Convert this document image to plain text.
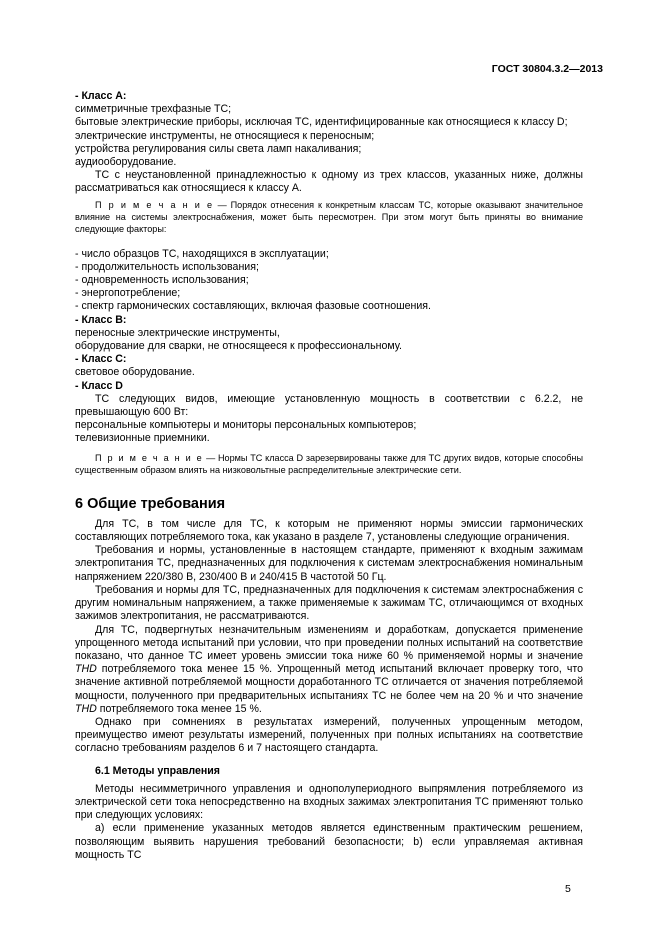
ГОСТ 30804.3.2—2013

- Класс А:

симметричные трехфазные ТС;

бытовые электрические приборы, исключая ТС, идентифицированные как относящиеся к классу D;

электрические инструменты, не относящиеся к переносным;

устройства регулирования силы света ламп накаливания;

аудиооборудование.

ТС с неустановленной принадлежностью к одному из трех классов, указанных ниже, должны рассматриваться как относящиеся к классу А.

П р и м е ч а н и е — Порядок отнесения к конкретным классам ТС, которые оказывают значительное влияние на системы электроснабжения, может быть пересмотрен. При этом могут быть приняты во внимание следующие факторы:

- число образцов ТС, находящихся в эксплуатации;

- продолжительность использования;

- одновременность использования;

- энергопотребление;

- спектр гармонических составляющих, включая фазовые соотношения.

- Класс В:

переносные электрические инструменты,

оборудование для сварки, не относящееся к профессиональному.

- Класс С:

световое оборудование.

- Класс D

ТС следующих видов, имеющие установленную мощность в соответствии с 6.2.2, не превышающую 600 Вт:

персональные компьютеры и мониторы персональных компьютеров;

телевизионные приемники.

П р и м е ч а н и е — Нормы ТС класса D зарезервированы также для ТС других видов, которые способны существенным образом влиять на низковольтные распределительные электрические сети.

6 Общие требования

Для ТС, в том числе для ТС, к которым не применяют нормы эмиссии гармонических составляющих потребляемого тока, как указано в разделе 7, установлены следующие ограничения.

Требования и нормы, установленные в настоящем стандарте, применяют к входным зажимам электропитания ТС, предназначенных для подключения к системам электроснабжения номинальным напряжением 220/380 В, 230/400 В и 240/415 В частотой 50 Гц.

Требования и нормы для ТС, предназначенных для подключения к системам электроснабжения с другим номинальным напряжением, а также применяемые к зажимам ТС, отличающимся от входных зажимов электропитания, не рассматриваются.

Для ТС, подвергнутых незначительным изменениям и доработкам, допускается применение упрощенного метода испытаний при условии, что при проведении полных испытаний на соответствие показано, что данное ТС имеет уровень эмиссии тока ниже 60 % применяемой нормы и значение THD потребляемого тока менее 15 %. Упрощенный метод испытаний включает проверку того, что значение активной потребляемой мощности доработанного ТС отличается от значения потребляемой мощности, полученного при предварительных испытаниях ТС не более чем на 20 % и что значение THD потребляемого тока менее 15 %.

Однако при сомнениях в результатах измерений, полученных упрощенным методом, преимущество имеют результаты измерений, полученных при полных испытаниях на соответствие согласно требованиям разделов 6 и 7 настоящего стандарта.

6.1 Методы управления

Методы несимметричного управления и однополупериодного выпрямления потребляемого из электрической сети тока непосредственно на входных зажимах электропитания ТС применяют только при следующих условиях:

а) если применение указанных методов является единственным практическим решением, позволяющим выявить нарушения требований безопасности; b) если управляемая активная мощность ТС

5
